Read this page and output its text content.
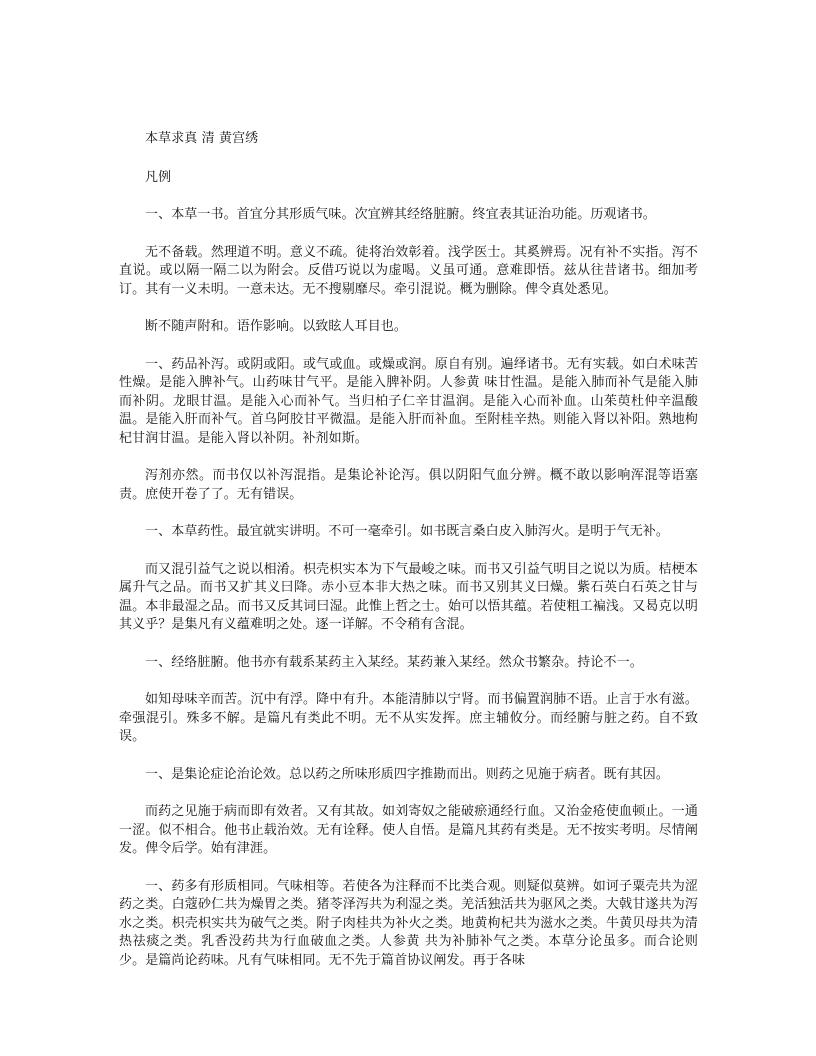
本草求真 清 黄宫绣

凡例

一、本草一书。首宜分其形质气味。次宜辨其经络脏腑。终宜表其证治功能。历观诸书。

无不备载。然理道不明。意义不疏。徒将治效彰着。浅学医士。其奚辨焉。况有补不实指。泻不直说。或以隔一隔二以为附会。反借巧说以为虚喝。义虽可通。意难即悟。兹从往昔诸书。细加考订。其有一义未明。一意未达。无不搜剔靡尽。牵引混说。概为删除。俾令真处悉见。

断不随声附和。语作影响。以致眩人耳目也。

一、药品补泻。或阴或阳。或气或血。或燥或润。原自有别。遍绎诸书。无有实载。如白术味苦性燥。是能入脾补气。山药味甘气平。是能入脾补阴。人参黄 味甘性温。是能入肺而补气是能入肺而补阴。龙眼甘温。是能入心而补气。当归柏子仁辛甘温润。是能入心而补血。山茱萸杜仲辛温酸温。是能入肝而补气。首乌阿胶甘平微温。是能入肝而补血。至附桂辛热。则能入肾以补阳。熟地枸杞甘润甘温。是能入肾以补阴。补剂如斯。

泻剂亦然。而书仅以补泻混指。是集论补论泻。俱以阴阳气血分辨。概不敢以影响浑混等语塞责。庶使开卷了了。无有错误。

一、本草药性。最宜就实讲明。不可一毫牵引。如书既言桑白皮入肺泻火。是明于气无补。

而又混引益气之说以相淆。枳壳枳实本为下气最峻之味。而书又引益气明目之说以为质。桔梗本属升气之品。而书又扩其义曰降。赤小豆本非大热之味。而书又别其义曰燥。紫石英白石英之甘与温。本非最湿之品。而书又反其词曰湿。此惟上哲之士。始可以悟其蕴。若使粗工褊浅。又曷克以明其义乎？是集凡有义蕴难明之处。逐一详解。不令稍有含混。

一、经络脏腑。他书亦有载系某药主入某经。某药兼入某经。然众书繁杂。持论不一。

如知母味辛而苦。沉中有浮。降中有升。本能清肺以宁肾。而书偏置润肺不语。止言于水有滋。牵强混引。殊多不解。是篇凡有类此不明。无不从实发挥。庶主辅攸分。而经腑与脏之药。自不致误。

一、是集论症论治论效。总以药之所味形质四字推勘而出。则药之见施于病者。既有其因。

而药之见施于病而即有效者。又有其故。如刘寄奴之能破瘀通经行血。又治金疮使血顿止。一通一涩。似不相合。他书止载治效。无有诠释。使人自悟。是篇凡其药有类是。无不按实考明。尽情阐发。俾令后学。始有津涯。

一、药多有形质相同。气味相等。若使各为注释而不比类合观。则疑似莫辨。如诃子粟壳共为涩药之类。白蔻砂仁共为燥胃之类。猪苓泽泻共为利湿之类。羌活独活共为驱风之类。大戟甘遂共为泻水之类。枳壳枳实共为破气之类。附子肉桂共为补火之类。地黄枸杞共为滋水之类。牛黄贝母共为清热祛痰之类。乳香没药共为行血破血之类。人参黄 共为补肺补气之类。本草分论虽多。而合论则少。是篇尚论药味。凡有气味相同。无不先于篇首协议阐发。再于各味
